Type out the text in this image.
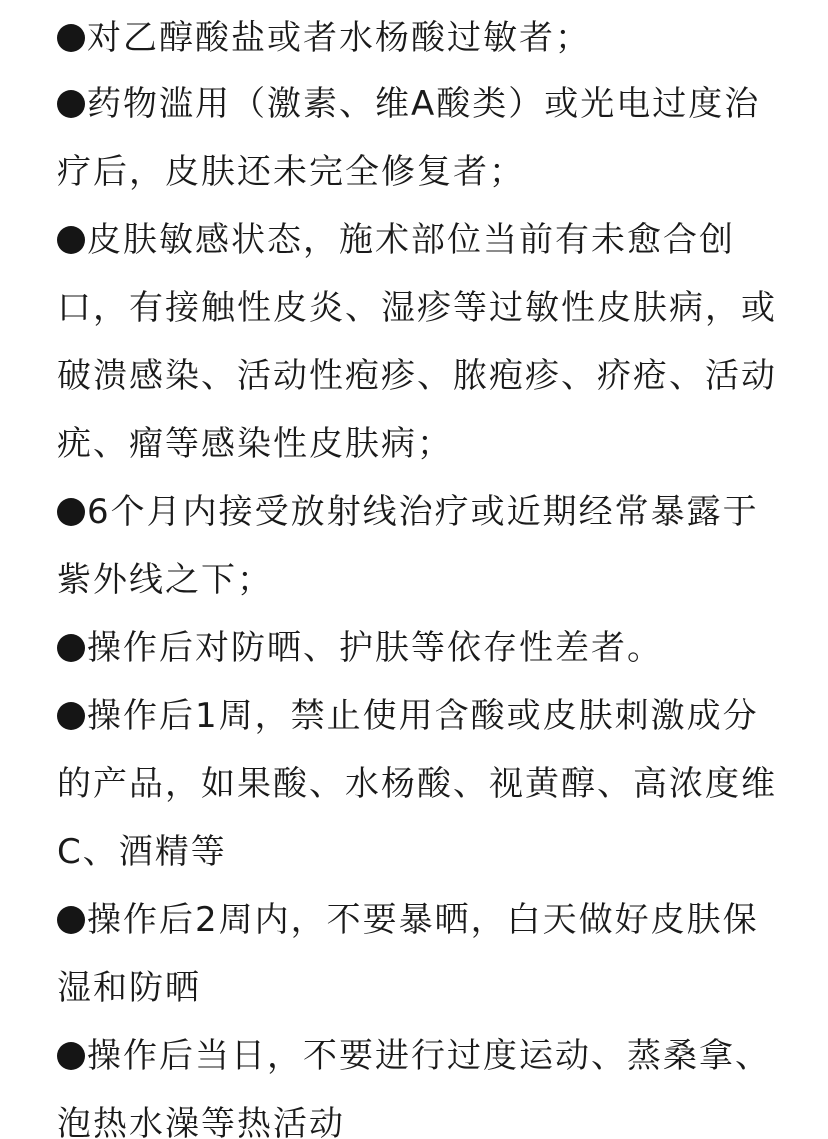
对乙醇酸盐或者水杨酸过敏者；
药物滥用（激素、维A酸类）或光电过度治
疗后，皮肤还未完全修复者；
皮肤敏感状态，施术部位当前有未愈合创
口，有接触性皮炎、湿疹等过敏性皮肤病，或
破溃感染、活动性疱疹、脓疱疹、疥疮、活动
疣、瘤等感染性皮肤病；
6个月内接受放射线治疗或近期经常暴露于
紫外线之下；
操作后对防晒、护肤等依存性差者。
操作后1周，禁止使用含酸或皮肤刺激成分
的产品，如果酸、水杨酸、视黄醇、高浓度维
C、酒精等
操作后2周内，不要暴晒，白天做好皮肤保
湿和防晒
操作后当日，不要进行过度运动、蒸桑拿、
泡热水澡等热活动
